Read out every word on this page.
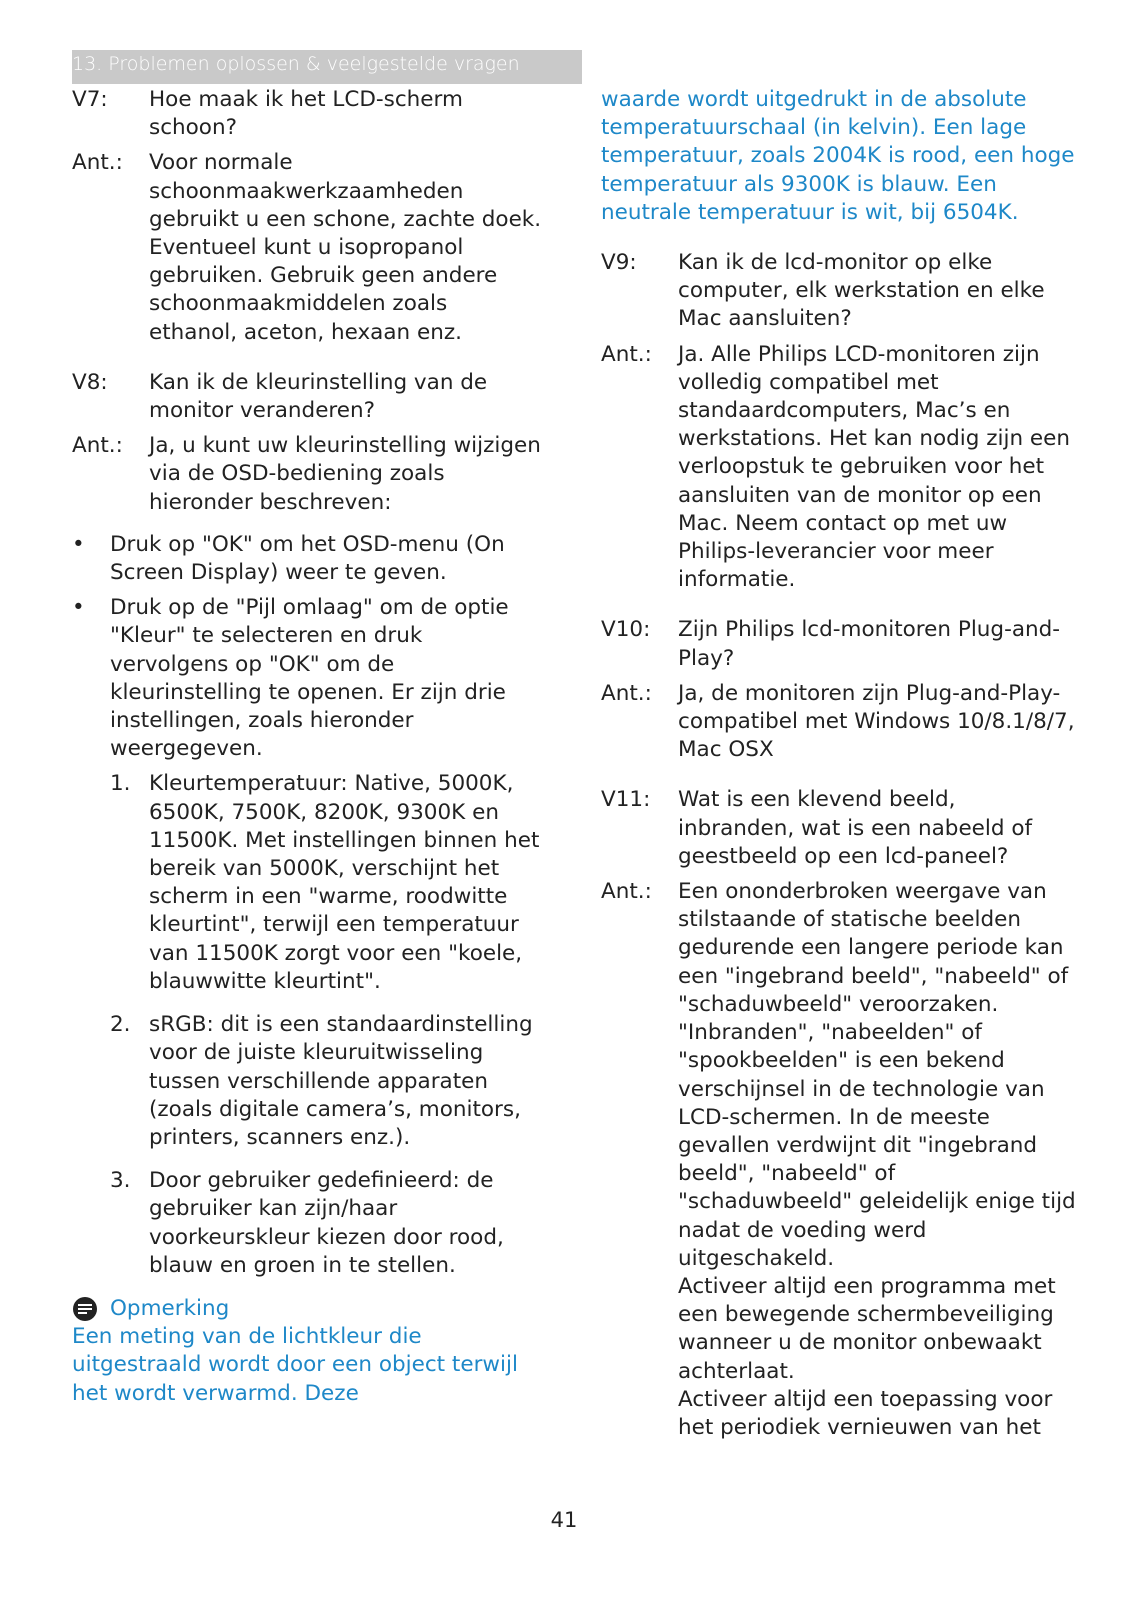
13. Problemen oplossen & veelgestelde vragen
V7:	Hoe maak ik het LCD-scherm schoon?
Ant.:	Voor normale schoonmaakwerkzaamheden gebruikt u een schone, zachte doek. Eventueel kunt u isopropanol gebruiken. Gebruik geen andere schoonmaakmiddelen zoals ethanol, aceton, hexaan enz.
V8:	Kan ik de kleurinstelling van de monitor veranderen?
Ant.:	Ja, u kunt uw kleurinstelling wijzigen via de OSD-bediening zoals hieronder beschreven:
•	Druk op "OK" om het OSD-menu (On Screen Display) weer te geven.
•	Druk op de "Pijl omlaag" om de optie "Kleur" te selecteren en druk vervolgens op "OK" om de kleurinstelling te openen. Er zijn drie instellingen, zoals hieronder weergegeven.
1. Kleurtemperatuur: Native, 5000K, 6500K, 7500K, 8200K, 9300K en 11500K. Met instellingen binnen het bereik van 5000K, verschijnt het scherm in een "warme, roodwitte kleurtint", terwijl een temperatuur van 11500K zorgt voor een "koele, blauwwitte kleurtint".
2. sRGB: dit is een standaardinstelling voor de juiste kleuruitwisseling tussen verschillende apparaten (zoals digitale camera’s, monitors, printers, scanners enz.).
3. Door gebruiker gedefinieerd: de gebruiker kan zijn/haar voorkeurskleur kiezen door rood, blauw en groen in te stellen.
Opmerking
Een meting van de lichtkleur die uitgestraald wordt door een object terwijl het wordt verwarmd. Deze
waarde wordt uitgedrukt in de absolute temperatuurschaal (in kelvin). Een lage temperatuur, zoals 2004K is rood, een hoge temperatuur als 9300K is blauw. Een neutrale temperatuur is wit, bij 6504K.
V9:	Kan ik de lcd-monitor op elke computer, elk werkstation en elke Mac aansluiten?
Ant.:	Ja. Alle Philips LCD-monitoren zijn volledig compatibel met standaardcomputers, Mac’s en werkstations. Het kan nodig zijn een verloopstuk te gebruiken voor het aansluiten van de monitor op een Mac. Neem contact op met uw Philips-leverancier voor meer informatie.
V10:	Zijn Philips lcd-monitoren Plug-and-Play?
Ant.:	Ja, de monitoren zijn Plug-and-Play-compatibel met Windows 10/8.1/8/7, Mac OSX
V11:	Wat is een klevend beeld, inbranden, wat is een nabeeld of geestbeeld op een lcd-paneel?
Ant.:	Een ononderbroken weergave van stilstaande of statische beelden gedurende een langere periode kan een "ingebrand beeld", "nabeeld" of "schaduwbeeld" veroorzaken. "Inbranden", "nabeelden" of "spookbeelden" is een bekend verschijnsel in de technologie van LCD-schermen. In de meeste gevallen verdwijnt dit "ingebrand beeld", "nabeeld" of "schaduwbeeld" geleidelijk enige tijd nadat de voeding werd uitgeschakeld.
Activeer altijd een programma met een bewegende schermbeveiliging wanneer u de monitor onbewaakt achterlaat.
Activeer altijd een toepassing voor het periodiek vernieuwen van het
41
